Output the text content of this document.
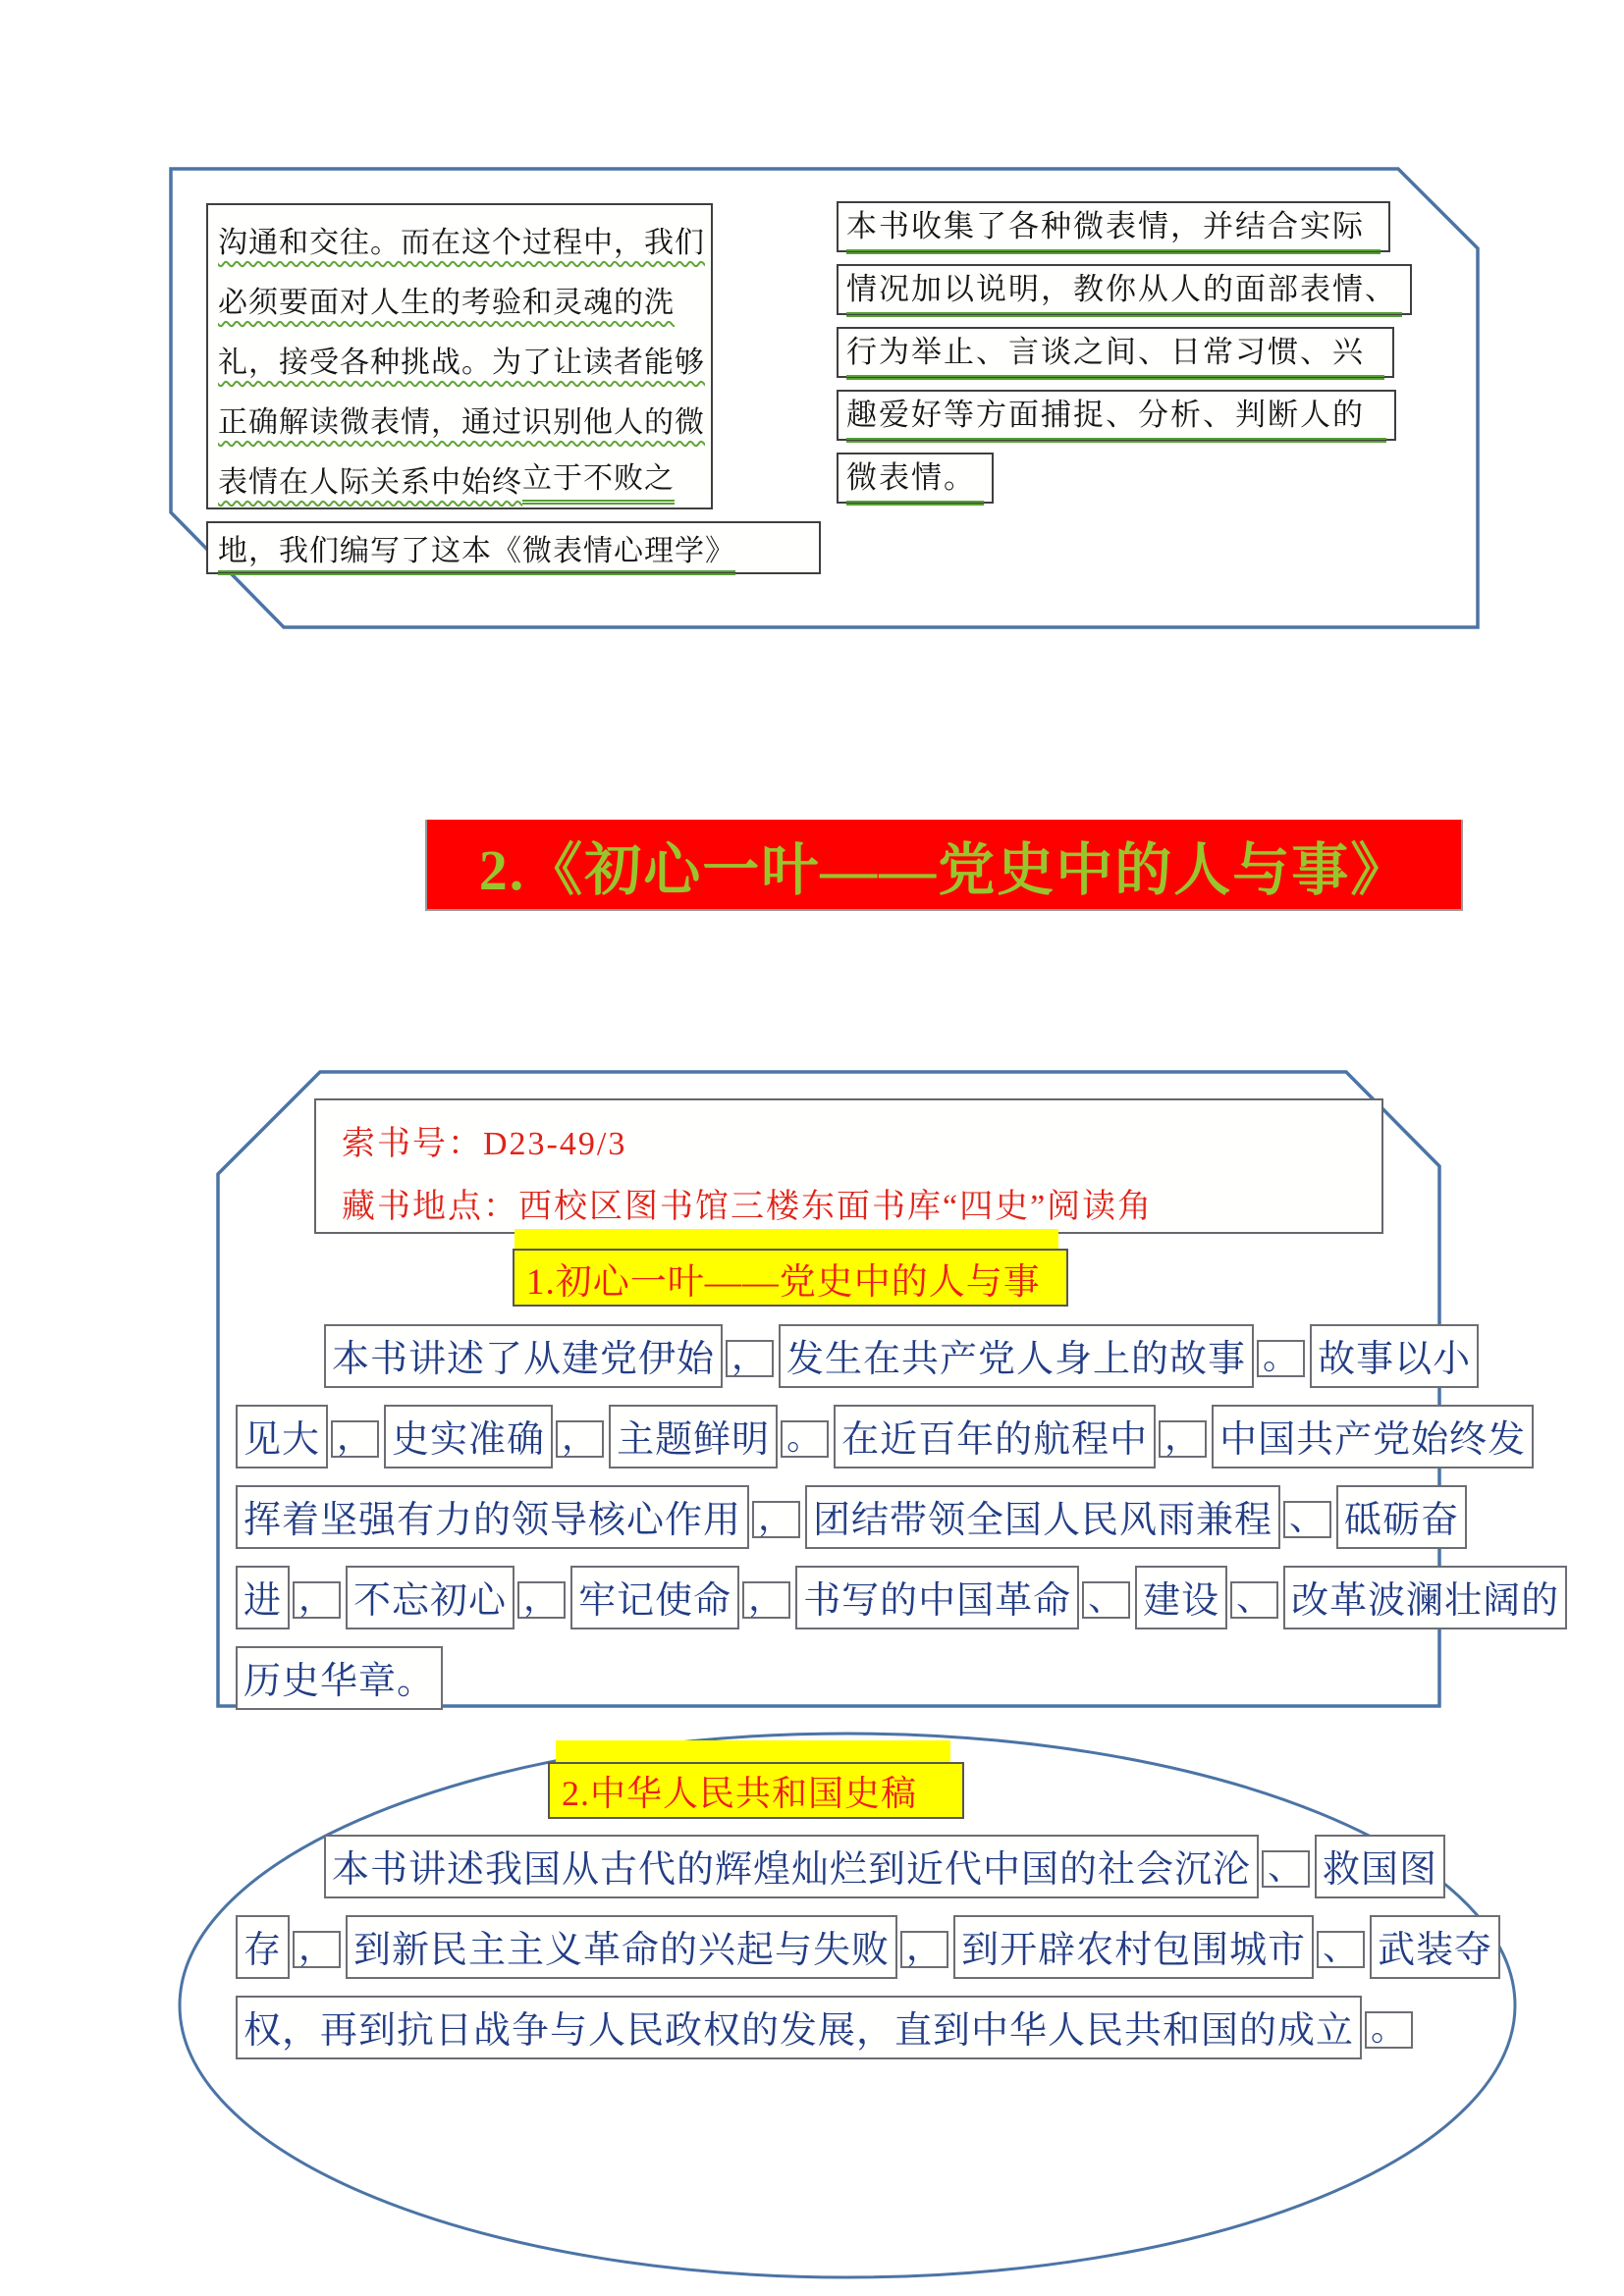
沟通和交往。而在这个过程中，我们
必须要面对人生的考验和灵魂的洗
礼，接受各种挑战。为了让读者能够
正确解读微表情，通过识别他人的微
表情在人际关系中始终 立于不败之
地，我们编写了这本《微表情心理学》
本书收集了各种微表情，并结合实际
情况加以说明，教你从人的面部表情、
行为举止、言谈之间、日常习惯、兴
趣爱好等方面捕捉、分析、判断人的
微表情。
2.《初心一叶——党史中的人与事》
索书号：D23-49/3
藏书地点：西校区图书馆三楼东面书库“四史”阅读角
1.初心一叶——党史中的人与事
本书讲述了从建党伊始 ， 发生在共产党人身上的故事 。 故事以小
见大 ， 史实准确 ， 主题鲜明 。 在近百年的航程中 ， 中国共产党始终发
挥着坚强有力的领导核心作用 ， 团结带领全国人民风雨兼程 、 砥砺奋
进 ， 不忘初心 ， 牢记使命 ， 书写的中国革命 、 建设 、 改革波澜壮阔的
历史华章。
2.中华人民共和国史稿
本书讲述我国从古代的辉煌灿烂到近代中国的社会沉沦 、 救国图
存 ， 到新民主主义革命的兴起与失败 ， 到开辟农村包围城市 、 武装夺
权，再到抗日战争与人民政权的发展，直到中华人民共和国的成立 。
